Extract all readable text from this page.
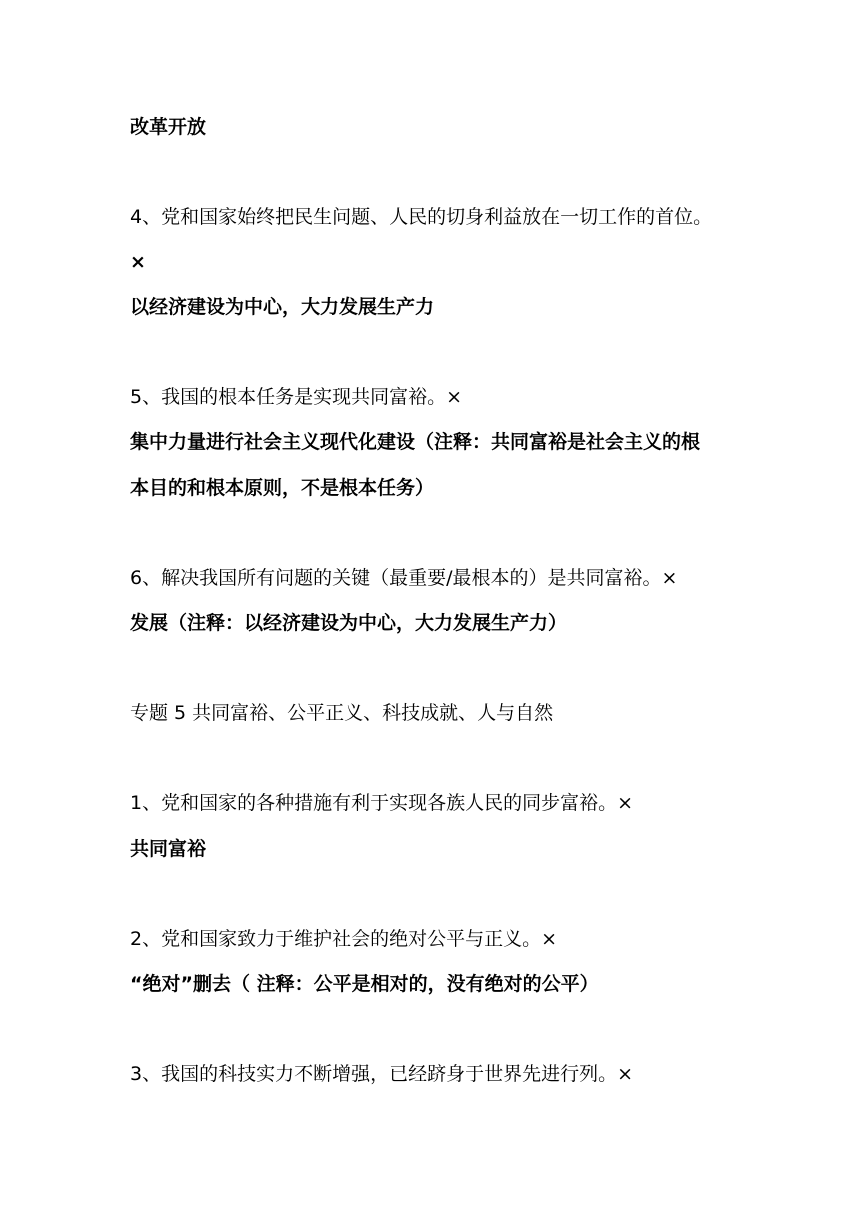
改革开放
4、党和国家始终把民生问题、人民的切身利益放在一切工作的首位。
×
以经济建设为中心，大力发展生产力
5、我国的根本任务是实现共同富裕。×
集中力量进行社会主义现代化建设（注释：共同富裕是社会主义的根
本目的和根本原则，不是根本任务）
6、解决我国所有问题的关键（最重要/最根本的）是共同富裕。×
发展（注释：以经济建设为中心，大力发展生产力）
专题 5 共同富裕、公平正义、科技成就、人与自然
1、党和国家的各种措施有利于实现各族人民的同步富裕。×
共同富裕
2、党和国家致力于维护社会的绝对公平与正义。×
“绝对”删去（ 注释：公平是相对的，没有绝对的公平）
3、我国的科技实力不断增强，已经跻身于世界先进行列。×
